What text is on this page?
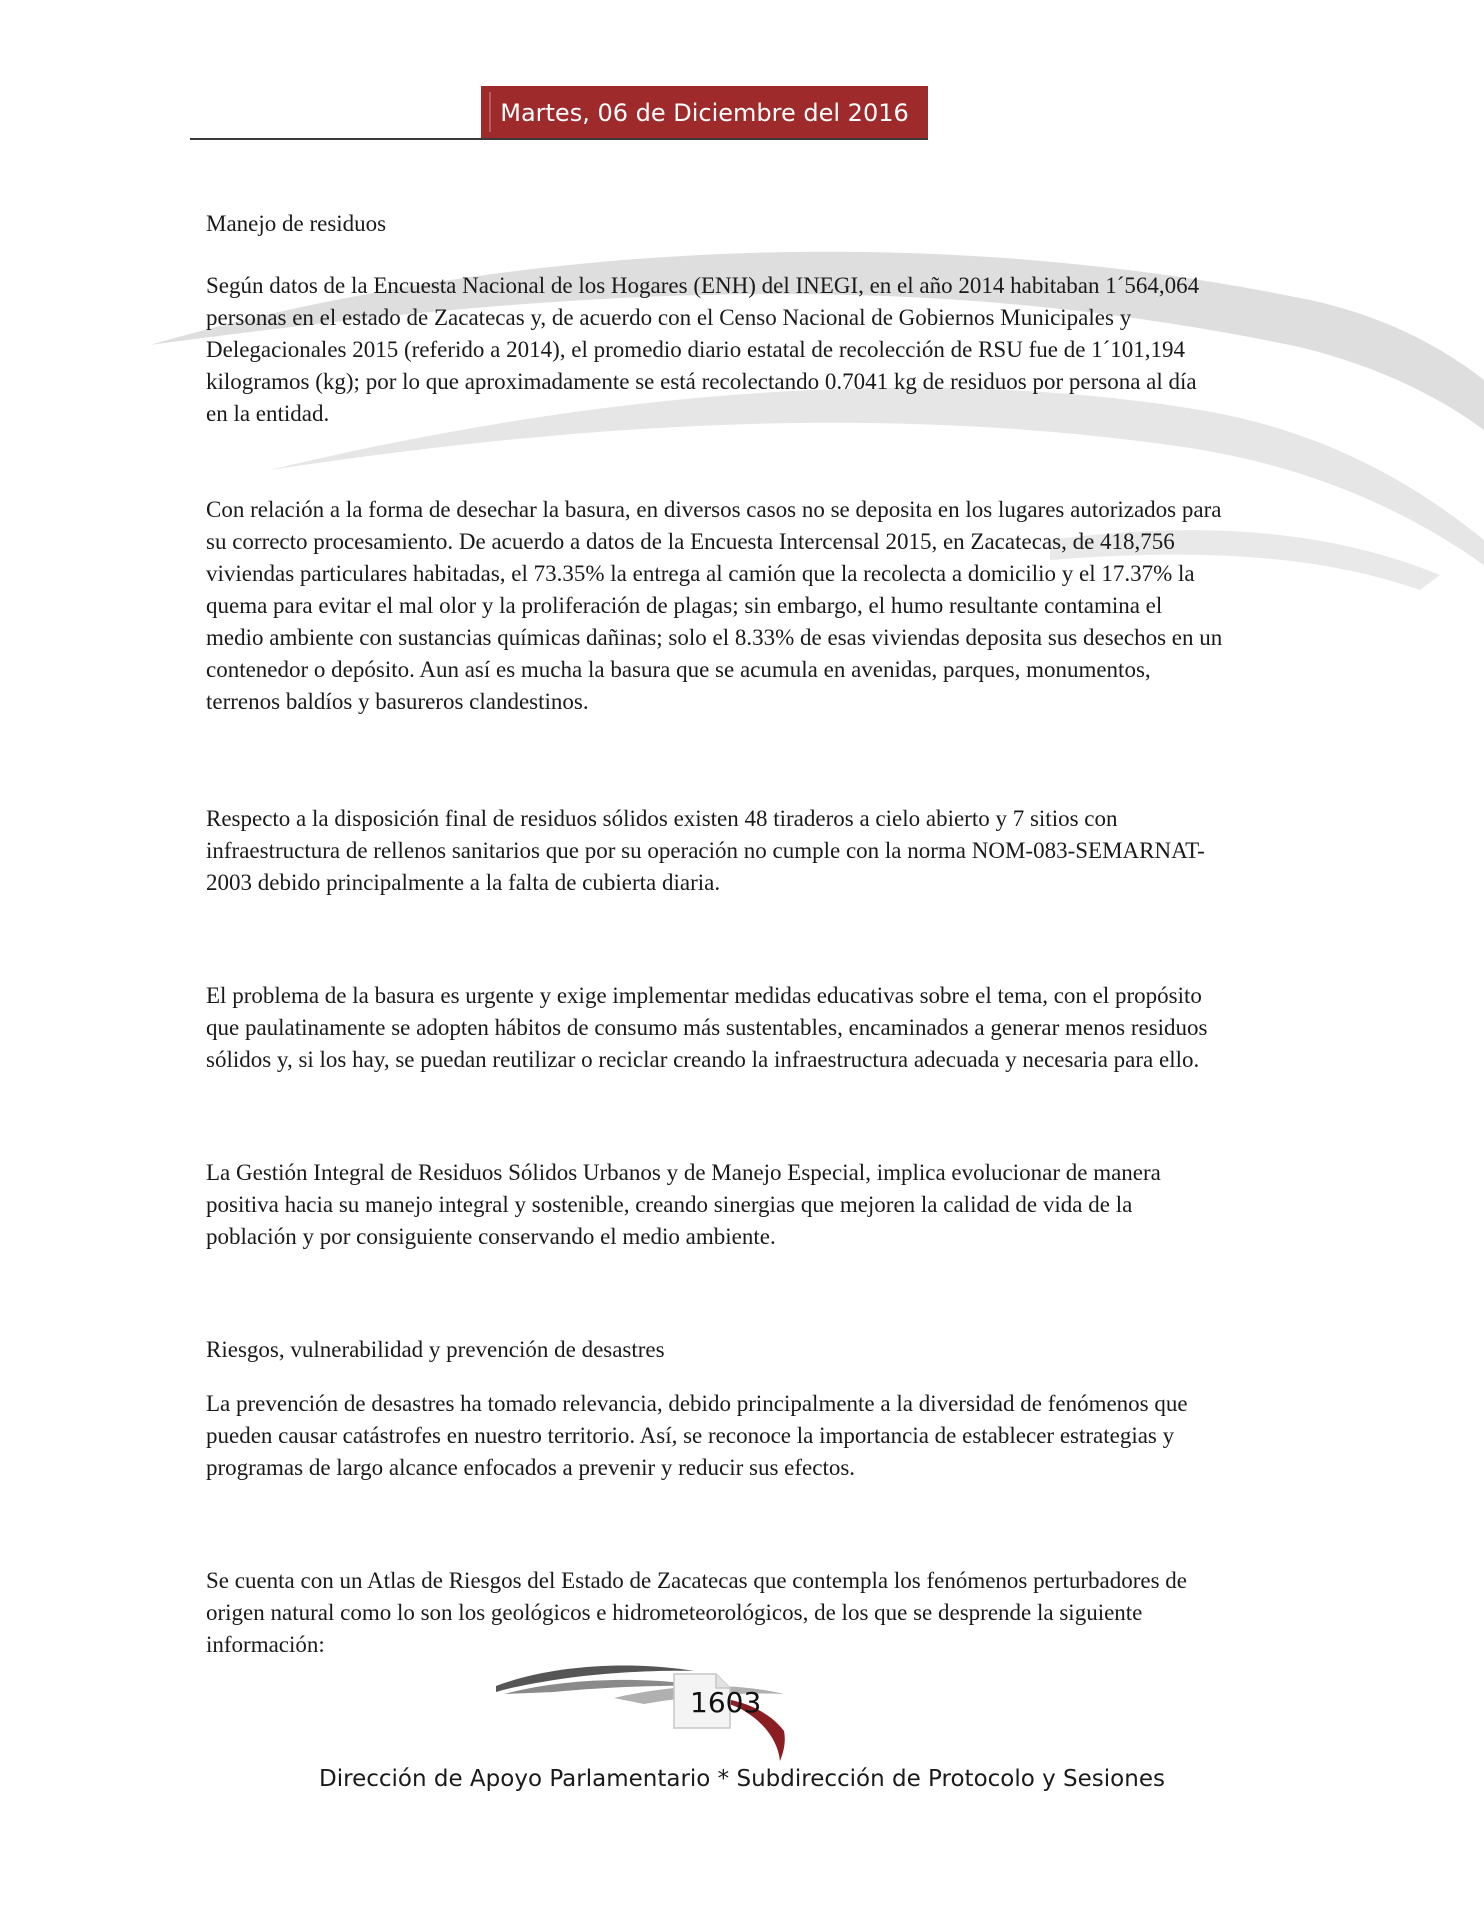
Martes, 06 de Diciembre del 2016

Manejo de residuos

Según datos de la Encuesta Nacional de los Hogares (ENH) del INEGI, en el año 2014 habitaban 1´564,064
personas en el estado de Zacatecas y, de acuerdo con el Censo Nacional de Gobiernos Municipales y
Delegacionales 2015 (referido a 2014), el promedio diario estatal de recolección de RSU fue de 1´101,194
kilogramos (kg); por lo que aproximadamente se está recolectando 0.7041 kg de residuos por persona al día
en la entidad.

Con relación a la forma de desechar la basura, en diversos casos no se deposita en los lugares autorizados para
su correcto procesamiento. De acuerdo a datos de la Encuesta Intercensal 2015, en Zacatecas, de 418,756
viviendas particulares habitadas, el 73.35% la entrega al camión que la recolecta a domicilio y el 17.37% la
quema para evitar el mal olor y la proliferación de plagas; sin embargo, el humo resultante contamina el
medio ambiente con sustancias químicas dañinas; solo el 8.33% de esas viviendas deposita sus desechos en un
contenedor o depósito. Aun así es mucha la basura que se acumula en avenidas, parques, monumentos,
terrenos baldíos y basureros clandestinos.

Respecto a la disposición final de residuos sólidos existen 48 tiraderos a cielo abierto y 7 sitios con
infraestructura de rellenos sanitarios que por su operación no cumple con la norma NOM-083-SEMARNAT-
2003 debido principalmente a la falta de cubierta diaria.

El problema de la basura es urgente y exige implementar medidas educativas sobre el tema, con el propósito
que paulatinamente se adopten hábitos de consumo más sustentables, encaminados a generar menos residuos
sólidos y, si los hay, se puedan reutilizar o reciclar creando la infraestructura adecuada y necesaria para ello.

La Gestión Integral de Residuos Sólidos Urbanos y de Manejo Especial, implica evolucionar de manera
positiva hacia su manejo integral y sostenible, creando sinergias que mejoren la calidad de vida de la
población y por consiguiente conservando el medio ambiente.

Riesgos, vulnerabilidad y prevención de desastres

La prevención de desastres ha tomado relevancia, debido principalmente a la diversidad de fenómenos que
pueden causar catástrofes en nuestro territorio. Así, se reconoce la importancia de establecer estrategias y
programas de largo alcance enfocados a prevenir y reducir sus efectos.

Se cuenta con un Atlas de Riesgos del Estado de Zacatecas que contempla los fenómenos perturbadores de
origen natural como lo son los geológicos e hidrometeorológicos, de los que se desprende la siguiente
información:

1603
Dirección de Apoyo Parlamentario * Subdirección de Protocolo y Sesiones
